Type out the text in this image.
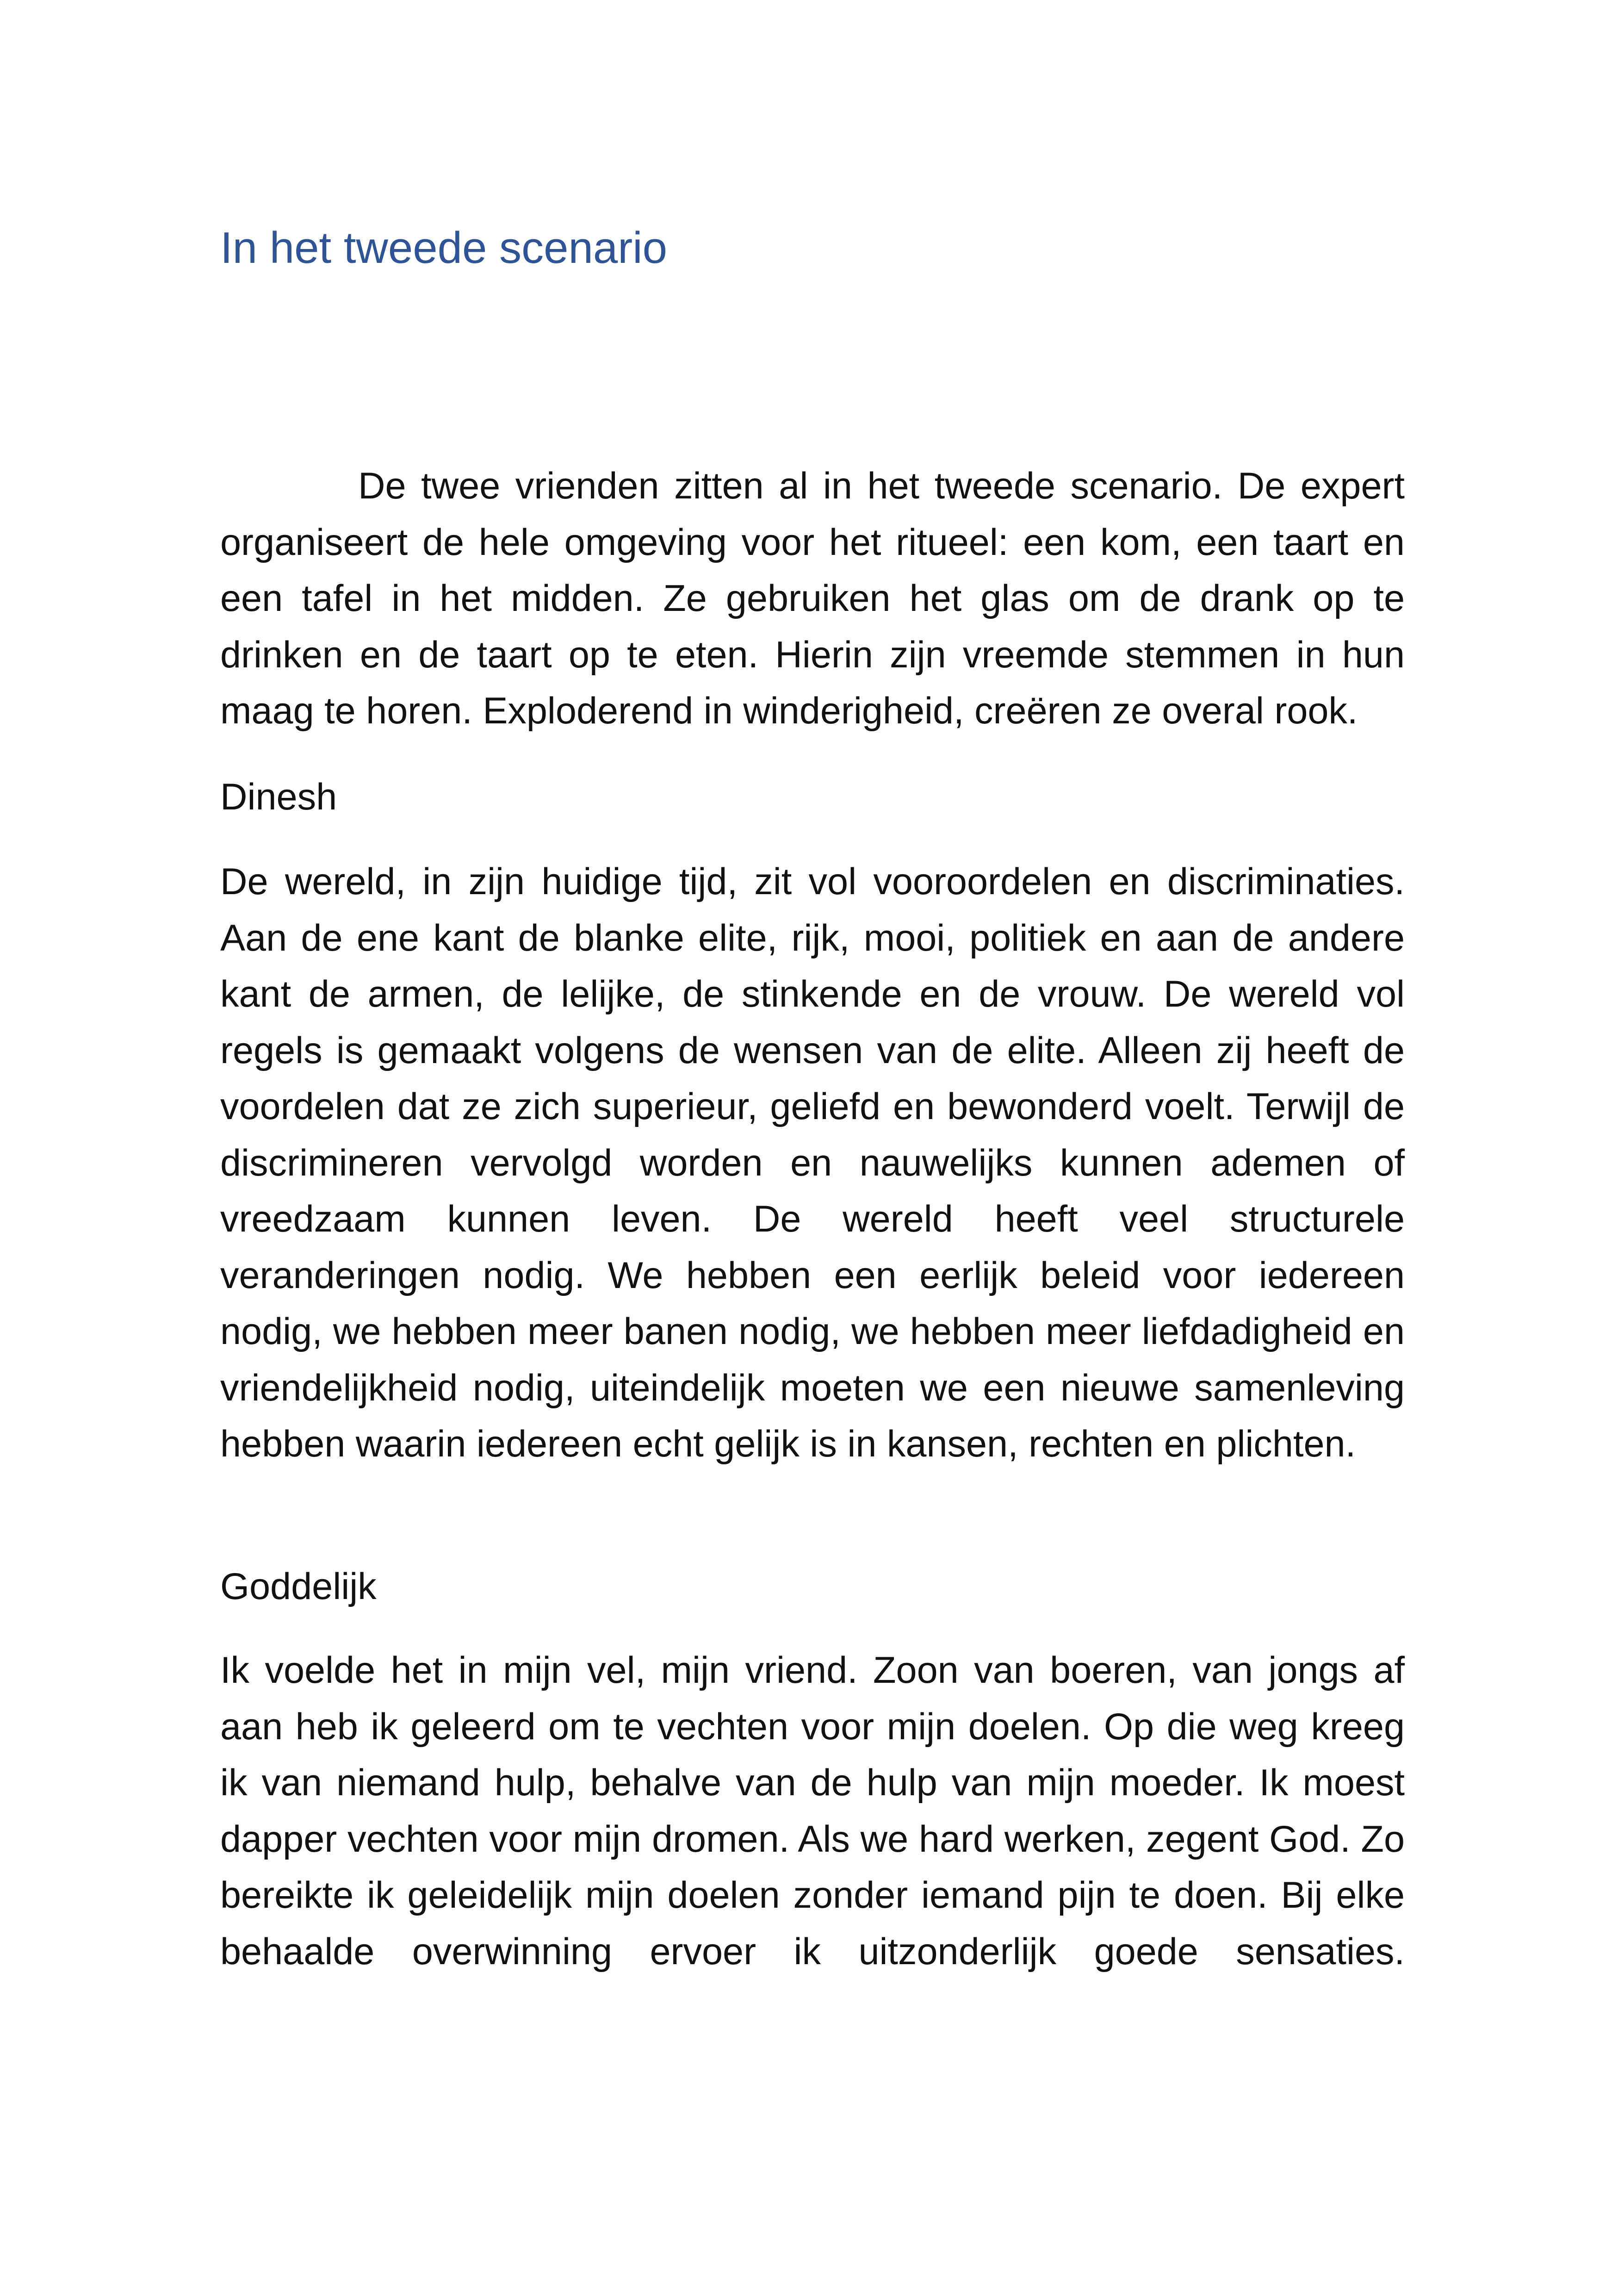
In het tweede scenario

De twee vrienden zitten al in het tweede scenario. De expert organiseert de hele omgeving voor het ritueel: een kom, een taart en een tafel in het midden. Ze gebruiken het glas om de drank op te drinken en de taart op te eten. Hierin zijn vreemde stemmen in hun maag te horen. Exploderend in winderigheid, creëren ze overal rook.

Dinesh

De wereld, in zijn huidige tijd, zit vol vooroordelen en discriminaties. Aan de ene kant de blanke elite, rijk, mooi, politiek en aan de andere kant de armen, de lelijke, de stinkende en de vrouw. De wereld vol regels is gemaakt volgens de wensen van de elite. Alleen zij heeft de voordelen dat ze zich superieur, geliefd en bewonderd voelt. Terwijl de discrimineren vervolgd worden en nauwelijks kunnen ademen of vreedzaam kunnen leven. De wereld heeft veel structurele veranderingen nodig. We hebben een eerlijk beleid voor iedereen nodig, we hebben meer banen nodig, we hebben meer liefdadigheid en vriendelijkheid nodig, uiteindelijk moeten we een nieuwe samenleving hebben waarin iedereen echt gelijk is in kansen, rechten en plichten.

Goddelijk

Ik voelde het in mijn vel, mijn vriend. Zoon van boeren, van jongs af aan heb ik geleerd om te vechten voor mijn doelen. Op die weg kreeg ik van niemand hulp, behalve van de hulp van mijn moeder. Ik moest dapper vechten voor mijn dromen. Als we hard werken, zegent God. Zo bereikte ik geleidelijk mijn doelen zonder iemand pijn te doen. Bij elke behaalde overwinning ervoer ik uitzonderlijk goede sensaties.
